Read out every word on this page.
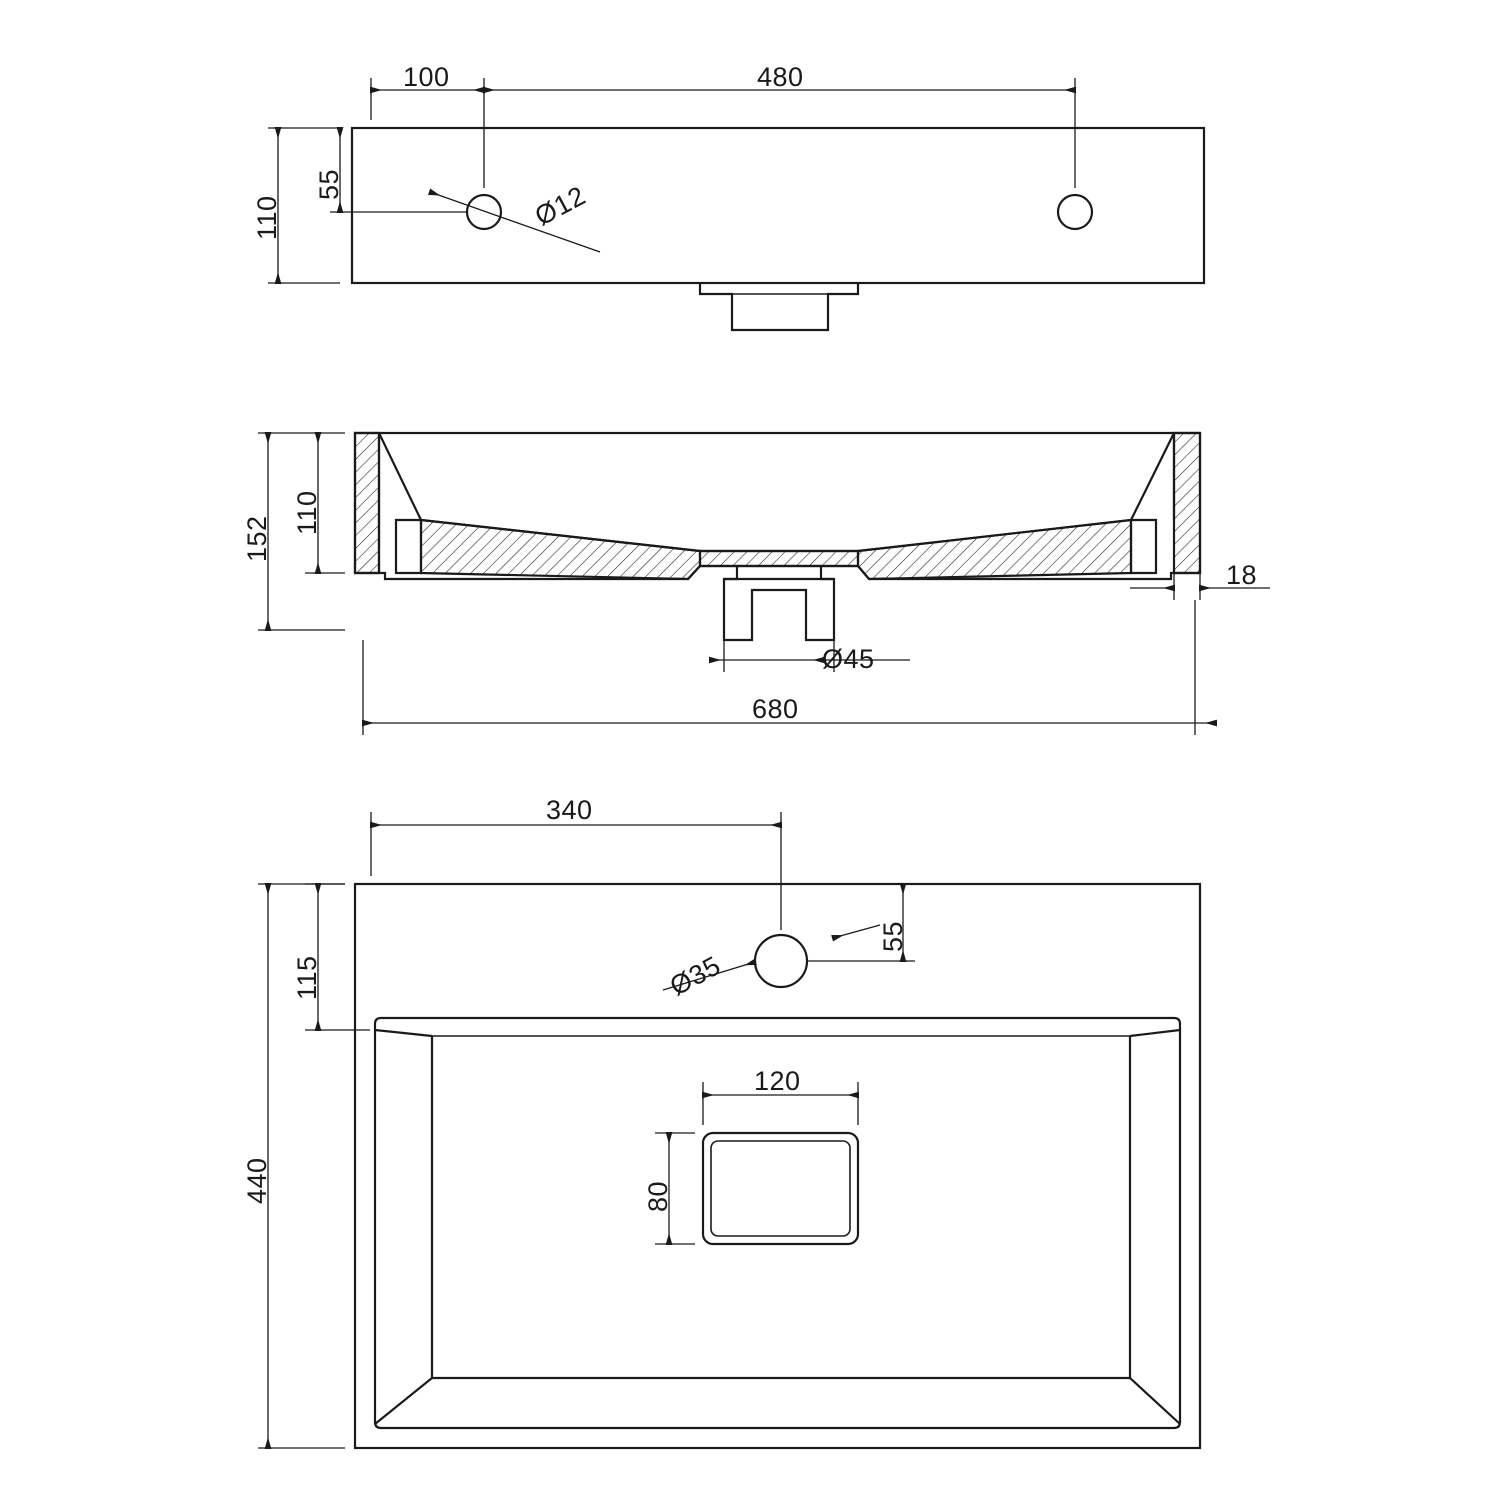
100	480
110
55	Ø12
152
110
18
Ø45
680
340
115
55
Ø35
120
80
440
